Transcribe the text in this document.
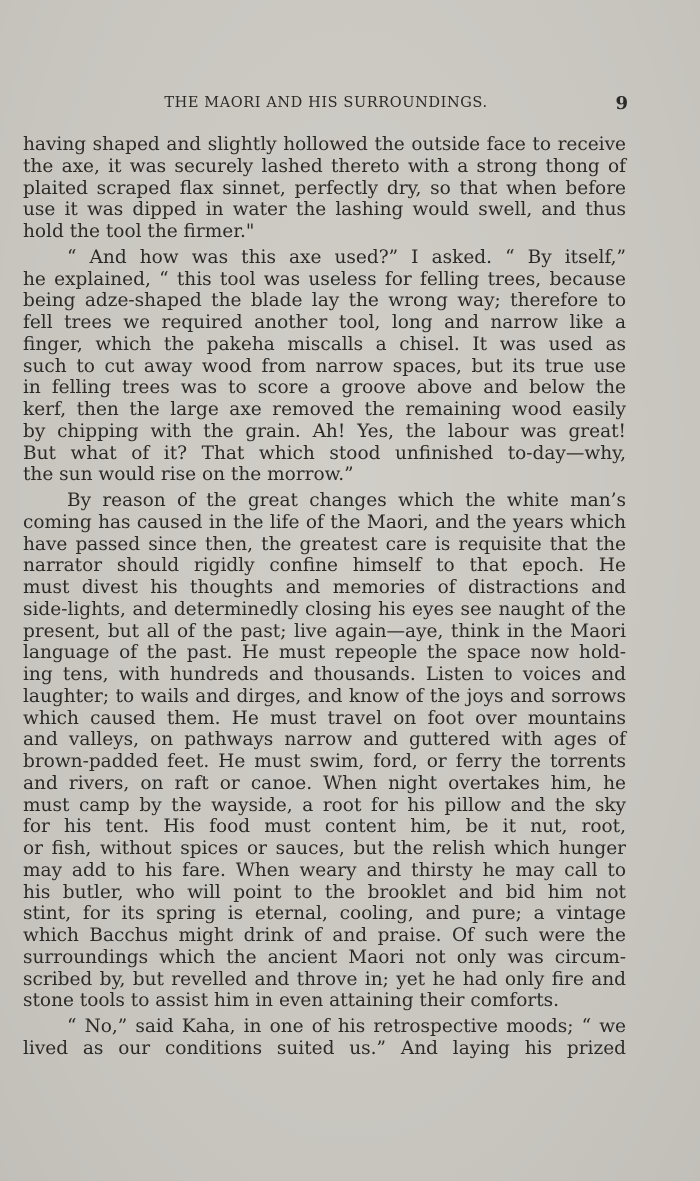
THE MAORI AND HIS SURROUNDINGS.	9
having shaped and slightly hollowed the outside face to receive
the axe, it was securely lashed thereto with a strong thong of
plaited scraped flax sinnet, perfectly dry, so that when before
use it was dipped in water the lashing would swell, and thus
hold the tool the firmer."
“ And how was this axe used?” I asked. “ By itself,”
he explained, “ this tool was useless for felling trees, because
being adze-shaped the blade lay the wrong way; therefore to
fell trees we required another tool, long and narrow like a
finger, which the pakeha miscalls a chisel. It was used as
such to cut away wood from narrow spaces, but its true use
in felling trees was to score a groove above and below the
kerf, then the large axe removed the remaining wood easily
by chipping with the grain. Ah! Yes, the labour was great!
But what of it? That which stood unfinished to-day—why,
the sun would rise on the morrow.”
By reason of the great changes which the white man’s
coming has caused in the life of the Maori, and the years which
have passed since then, the greatest care is requisite that the
narrator should rigidly confine himself to that epoch. He
must divest his thoughts and memories of distractions and
side-lights, and determinedly closing his eyes see naught of the
present, but all of the past; live again—aye, think in the Maori
language of the past. He must repeople the space now hold-
ing tens, with hundreds and thousands. Listen to voices and
laughter; to wails and dirges, and know of the joys and sorrows
which caused them. He must travel on foot over mountains
and valleys, on pathways narrow and guttered with ages of
brown-padded feet. He must swim, ford, or ferry the torrents
and rivers, on raft or canoe. When night overtakes him, he
must camp by the wayside, a root for his pillow and the sky
for his tent. His food must content him, be it nut, root,
or fish, without spices or sauces, but the relish which hunger
may add to his fare. When weary and thirsty he may call to
his butler, who will point to the brooklet and bid him not
stint, for its spring is eternal, cooling, and pure; a vintage
which Bacchus might drink of and praise. Of such were the
surroundings which the ancient Maori not only was circum-
scribed by, but revelled and throve in; yet he had only fire and
stone tools to assist him in even attaining their comforts.
“ No,” said Kaha, in one of his retrospective moods; “ we
lived as our conditions suited us.” And laying his prized
